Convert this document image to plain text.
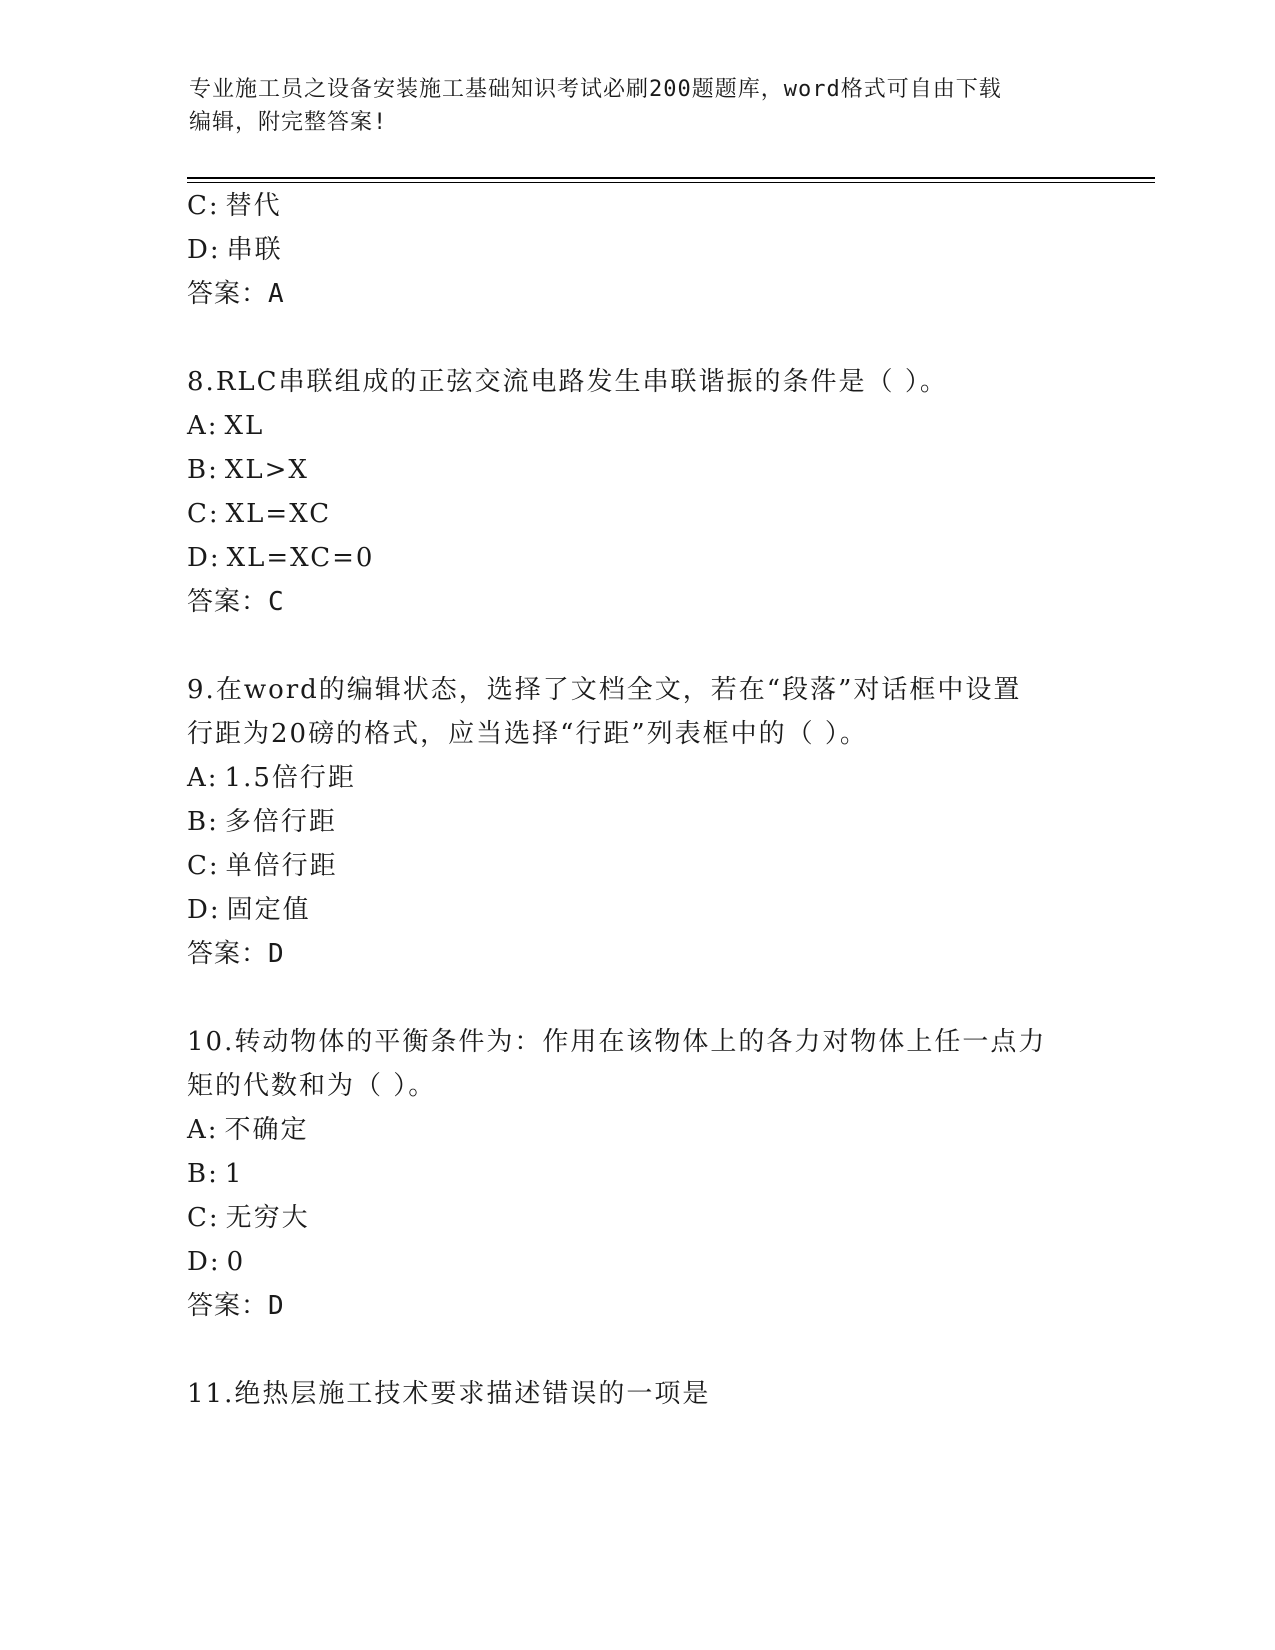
专业施工员之设备安装施工基础知识考试必刷200题题库，word格式可自由下载
编辑，附完整答案!
C: 替代
D: 串联
答案：A
8.RLC串联组成的正弦交流电路发生串联谐振的条件是（ ）。
A: XL
B: XL>X
C: XL=XC
D: XL=XC=0
答案：C
9.在word的编辑状态，选择了文档全文，若在“段落”对话框中设置
行距为20磅的格式，应当选择“行距”列表框中的（ ）。
A: 1.5倍行距
B: 多倍行距
C: 单倍行距
D: 固定值
答案：D
10.转动物体的平衡条件为：作用在该物体上的各力对物体上任一点力
矩的代数和为（ ）。
A: 不确定
B: 1
C: 无穷大
D: 0
答案：D
11.绝热层施工技术要求描述错误的一项是
